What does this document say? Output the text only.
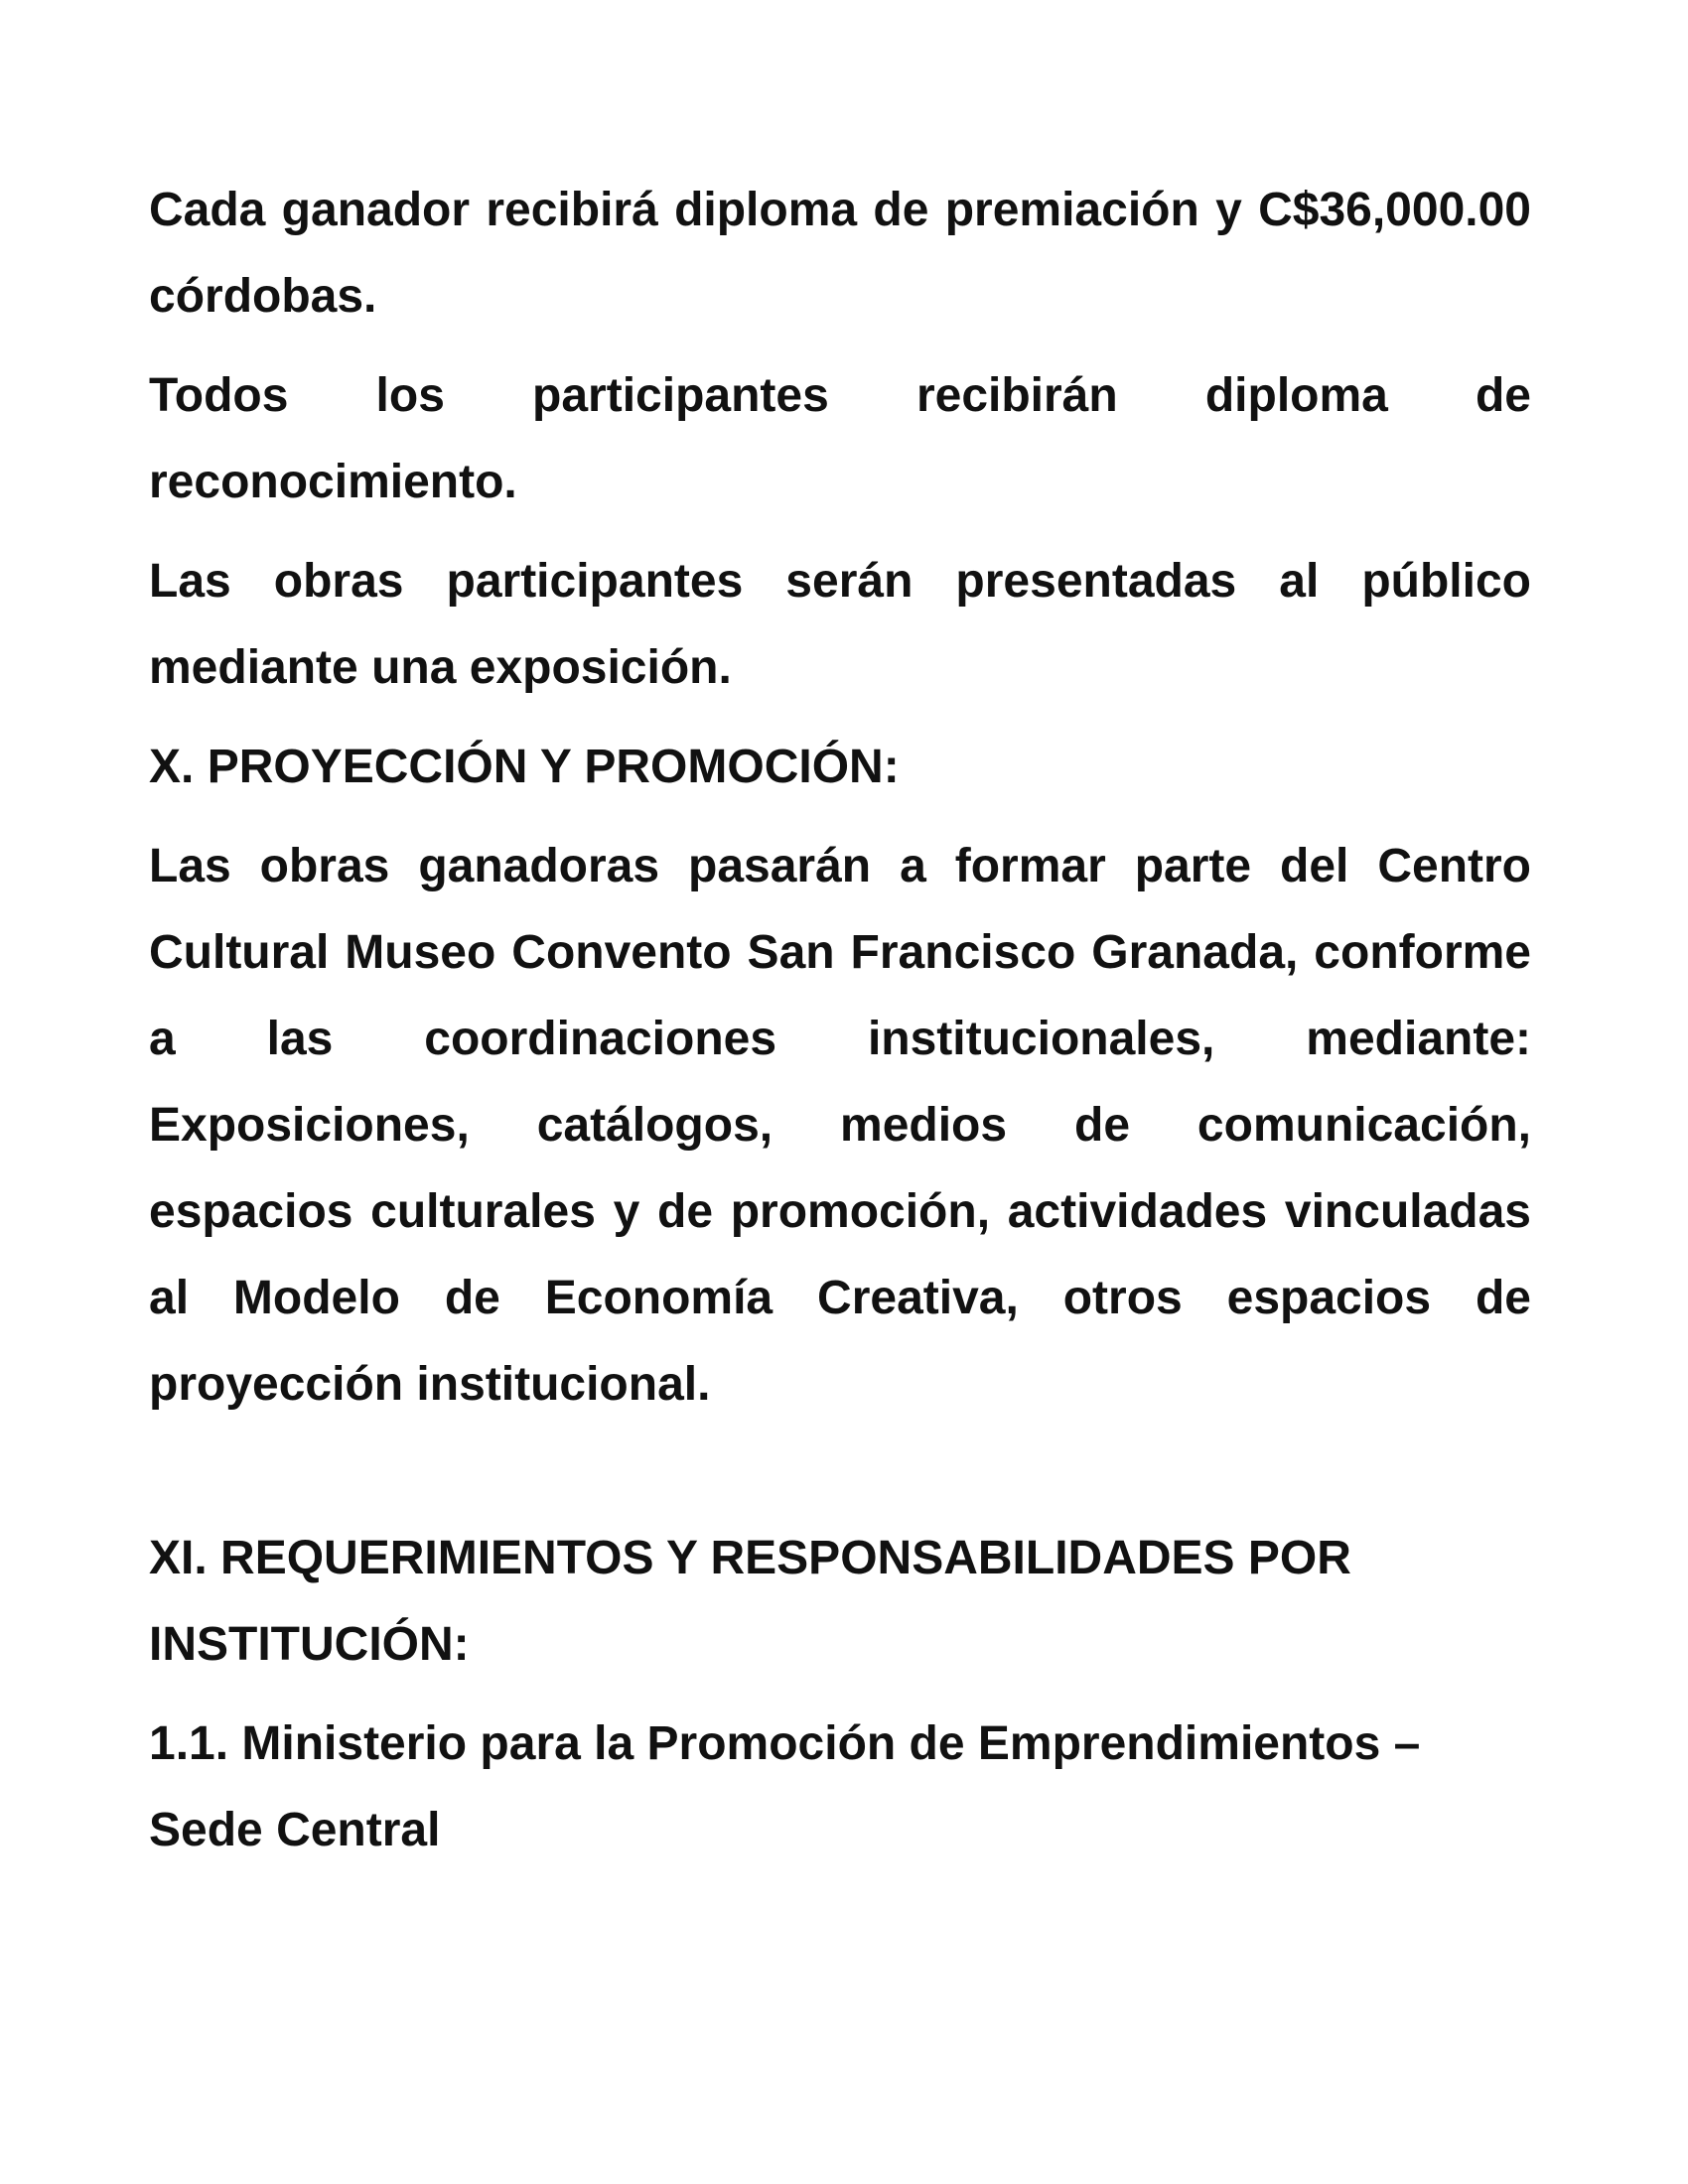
Cada ganador recibirá diploma de premiación y C$36,000.00 córdobas.

Todos los participantes recibirán diploma de reconocimiento.

Las obras participantes serán presentadas al público mediante una exposición.

X. PROYECCIÓN Y PROMOCIÓN:

Las obras ganadoras pasarán a formar parte del Centro Cultural Museo Convento San Francisco Granada, conforme a las coordinaciones institucionales, mediante: Exposiciones, catálogos, medios de comunicación, espacios culturales y de promoción, actividades vinculadas al Modelo de Economía Creativa, otros espacios de proyección institucional.

XI. REQUERIMIENTOS Y RESPONSABILIDADES POR INSTITUCIÓN:

1.1. Ministerio para la Promoción de Emprendimientos – Sede Central
